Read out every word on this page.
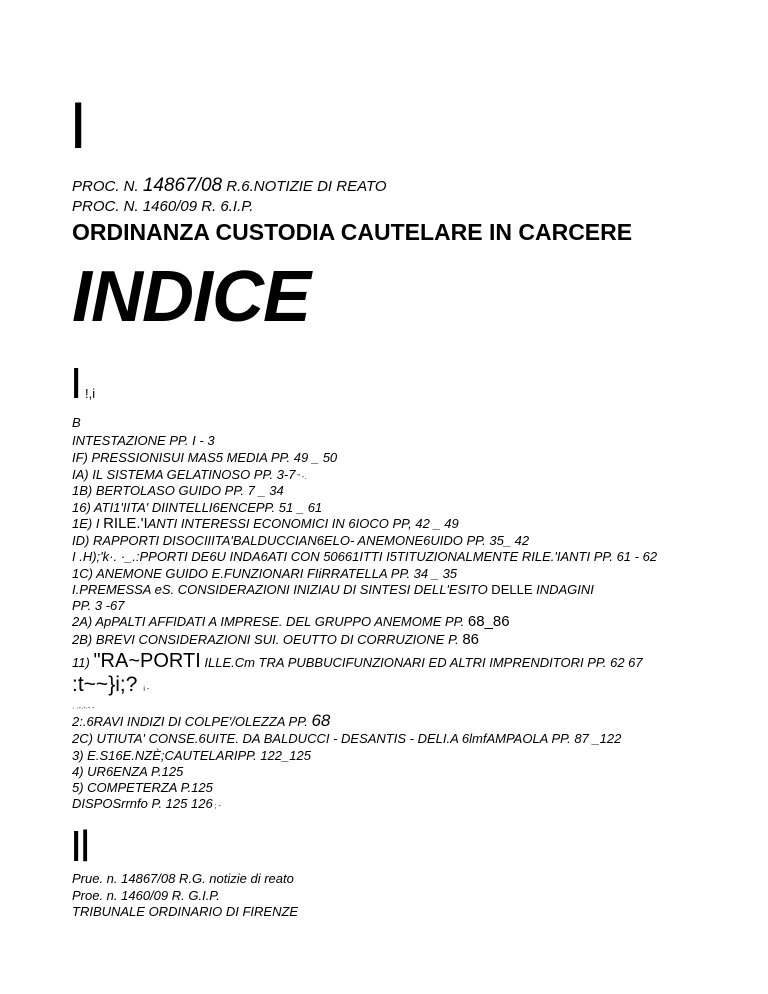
I
PROC. N. 14867/08 R.6.NOTIZIE DI REATO
PROC. N. 1460/09 R. 6.I.P.
ORDINANZA CUSTODIA CAUTELARE IN CARCERE
INDICE
I !,i
B
INTESTAZIONE PP. I - 3
IF) PRESSIONISUI MAS5 MEDIA PP. 49 _ 50
IA) IL SISTEMA GELATINOSO PP. 3-7 " -.
1B) BERTOLASO GUIDO PP. 7 _ 34
16) ATI1'IITA' DIINTELLI6ENCEPP. 51 _ 61
1E) I RILE.'IANTI INTERESSI ECONOMICI IN 6IOCO PP, 42 _ 49
ID) RAPPORTI DISOCIIITA'BALDUCCIAN6ELO- ANEMONE6UIDO PP. 35_ 42
I .H);'k·. ·_.:PPORTI DE6U INDA6ATI CON 50661ITTI I5TITUZIONALMENTE RILE.'IANTI PP. 61 - 62
1C) ANEMONE GUIDO E.FUNZIONARI FIiRRATELLA PP. 34 _ 35
I.PREMESSA eS. CONSIDERAZIONI INIZIAU DI SINTESI DELL'ESITO DELLE INDAGINI
PP. 3 -67
2A) ApPALTI AFFIDATI A IMPRESE. DEL GRUPPO ANEMOME PP. 68_86
2B) BREVI CONSIDERAZIONI SUI. OEUTTO DI CORRUZIONE P. 86
11) "RA~PORTI ILLE.Cm TRA PUBBUCIFUNZIONARI ED ALTRI IMPRENDITORI PP. 62 67
:t~~}i;? i -
· ·-·-·- -
2:.6RAVI INDIZI DI COLPE'/OLEZZA PP. 68
2C) UTIUTA' CONSE.6UITE. DA BALDUCCI - DESANTIS - DELI.A 6lmfAMPAOLA PP. 87 _122
3) E.S16E.NZÈ;CAUTELARIPP. 122_125
4) UR6ENZA P.125
5) COMPETERZA P.125
DISPOSrrnfo P. 125 126 ; -
Il
Prue. n. 14867/08 R.G. notizie di reato
Proe. n. 1460/09 R. G.I.P.
TRIBUNALE ORDINARIO DI FIRENZE
